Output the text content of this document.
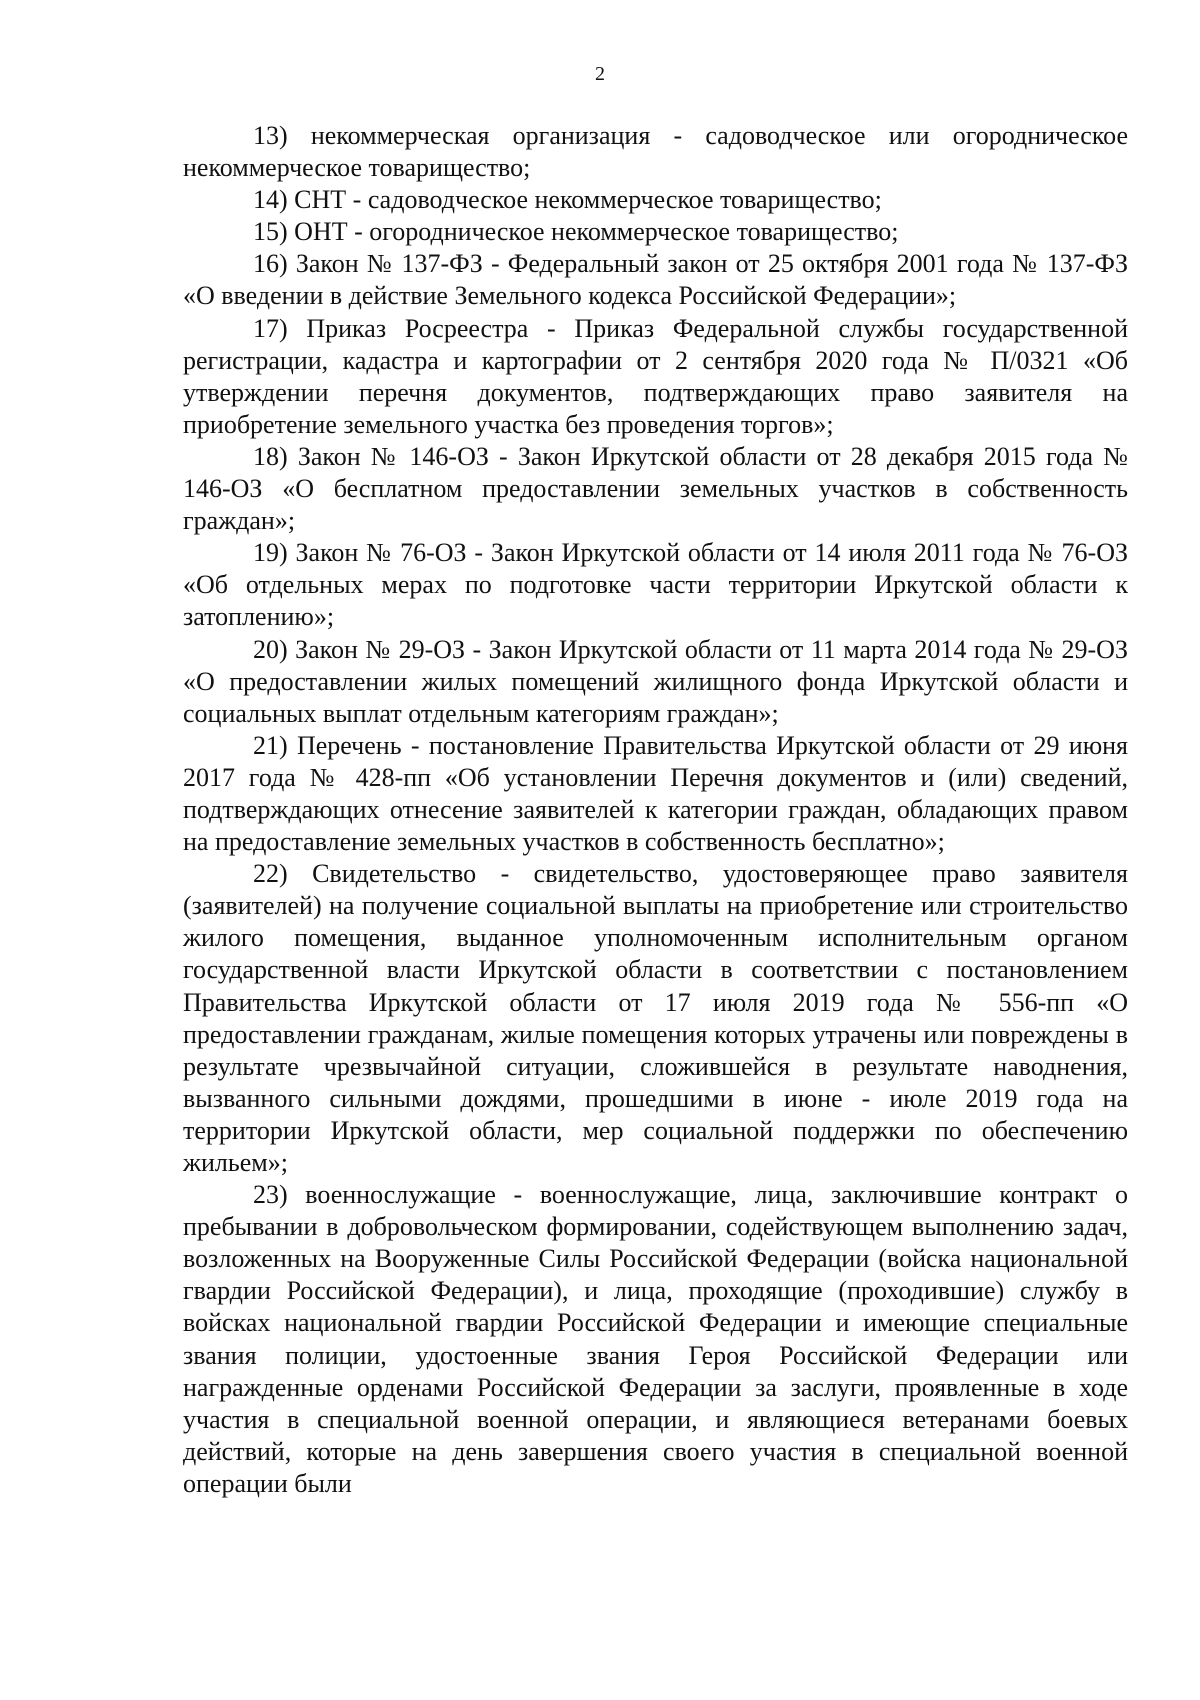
2

13) некоммерческая организация - садоводческое или огородническое некоммерческое товарищество;

14) СНТ - садоводческое некоммерческое товарищество;

15) ОНТ - огородническое некоммерческое товарищество;

16) Закон № 137-ФЗ - Федеральный закон от 25 октября 2001 года № 137-ФЗ «О введении в действие Земельного кодекса Российской Федерации»;

17) Приказ Росреестра - Приказ Федеральной службы государственной регистрации, кадастра и картографии от 2 сентября 2020 года № П/0321 «Об утверждении перечня документов, подтверждающих право заявителя на приобретение земельного участка без проведения торгов»;

18) Закон № 146-ОЗ - Закон Иркутской области от 28 декабря 2015 года № 146-ОЗ «О бесплатном предоставлении земельных участков в собственность граждан»;

19) Закон № 76-ОЗ - Закон Иркутской области от 14 июля 2011 года № 76-ОЗ «Об отдельных мерах по подготовке части территории Иркутской области к затоплению»;

20) Закон № 29-ОЗ - Закон Иркутской области от 11 марта 2014 года № 29-ОЗ «О предоставлении жилых помещений жилищного фонда Иркутской области и социальных выплат отдельным категориям граждан»;

21) Перечень - постановление Правительства Иркутской области от 29 июня 2017 года № 428-пп «Об установлении Перечня документов и (или) сведений, подтверждающих отнесение заявителей к категории граждан, обладающих правом на предоставление земельных участков в собственность бесплатно»;

22) Свидетельство - свидетельство, удостоверяющее право заявителя (заявителей) на получение социальной выплаты на приобретение или строительство жилого помещения, выданное уполномоченным исполнительным органом государственной власти Иркутской области в соответствии с постановлением Правительства Иркутской области от 17 июля 2019 года № 556-пп «О предоставлении гражданам, жилые помещения которых утрачены или повреждены в результате чрезвычайной ситуации, сложившейся в результате наводнения, вызванного сильными дождями, прошедшими в июне - июле 2019 года на территории Иркутской области, мер социальной поддержки по обеспечению жильем»;

23) военнослужащие - военнослужащие, лица, заключившие контракт о пребывании в добровольческом формировании, содействующем выполнению задач, возложенных на Вооруженные Силы Российской Федерации (войска национальной гвардии Российской Федерации), и лица, проходящие (проходившие) службу в войсках национальной гвардии Российской Федерации и имеющие специальные звания полиции, удостоенные звания Героя Российской Федерации или награжденные орденами Российской Федерации за заслуги, проявленные в ходе участия в специальной военной операции, и являющиеся ветеранами боевых действий, которые на день завершения своего участия в специальной военной операции были
